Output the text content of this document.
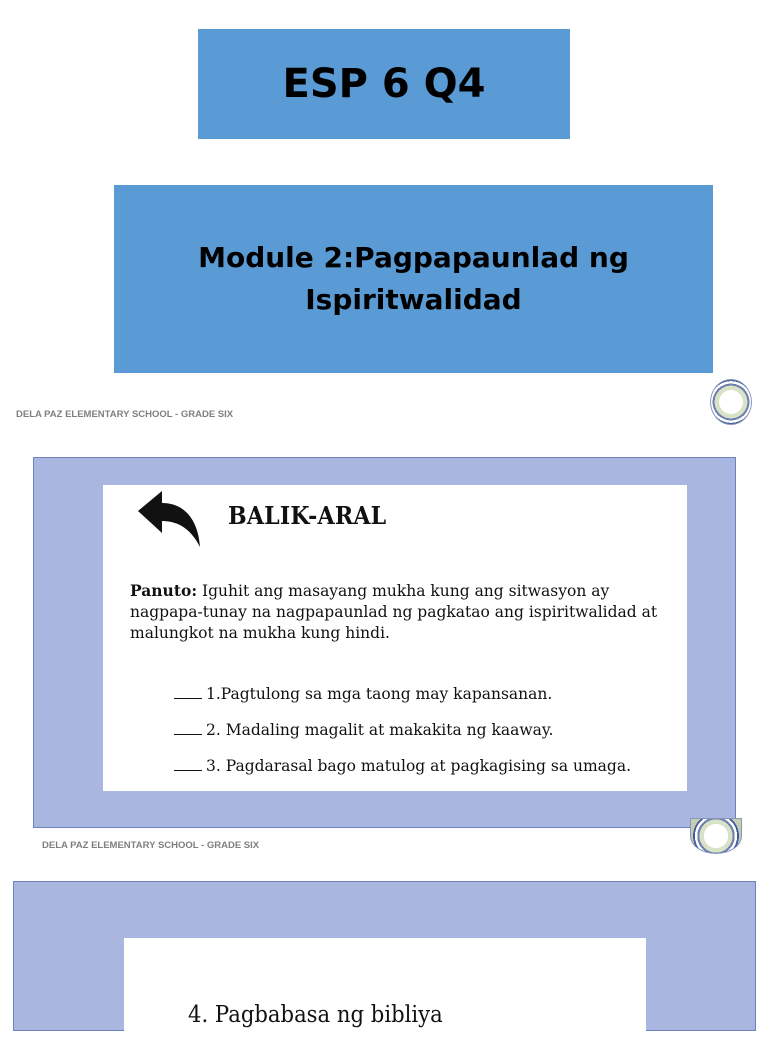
ESP 6 Q4
Module 2:Pagpapaunlad ng Ispiritwalidad
DELA PAZ ELEMENTARY SCHOOL - GRADE SIX
BALIK-ARAL
Panuto: Iguhit ang masayang mukha kung ang sitwasyon ay nagpapa-tunay na nagpapaunlad ng pagkatao ang ispiritwalidad at malungkot na mukha kung hindi.
1.Pagtulong sa mga taong may kapansanan.
2. Madaling magalit at makakita ng kaaway.
3. Pagdarasal bago matulog at pagkagising sa umaga.
DELA PAZ ELEMENTARY SCHOOL - GRADE SIX
4. Pagbabasa ng bibliya
